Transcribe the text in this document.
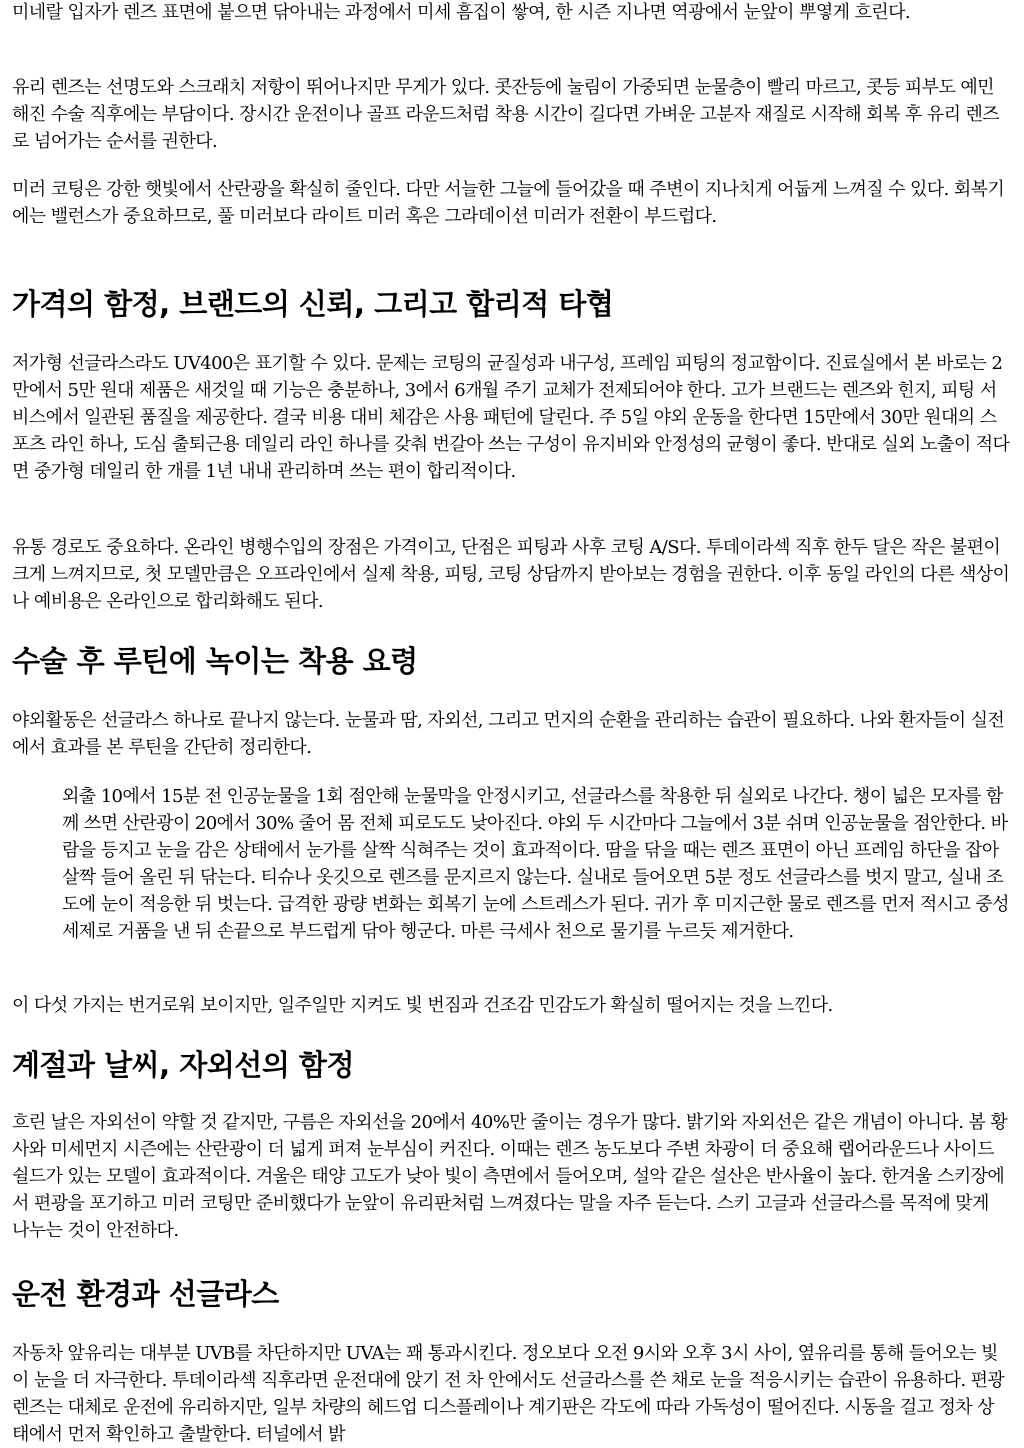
미네랄 입자가 렌즈 표면에 붙으면 닦아내는 과정에서 미세 흠집이 쌓여, 한 시즌 지나면 역광에서 눈앞이 뿌옇게 흐린다.

유리 렌즈는 선명도와 스크래치 저항이 뛰어나지만 무게가 있다. 콧잔등에 눌림이 가중되면 눈물층이 빨리 마르고, 콧등 피부도 예민해진 수술 직후에는 부담이다. 장시간 운전이나 골프 라운드처럼 착용 시간이 길다면 가벼운 고분자 재질로 시작해 회복 후 유리 렌즈로 넘어가는 순서를 권한다.

미러 코팅은 강한 햇빛에서 산란광을 확실히 줄인다. 다만 서늘한 그늘에 들어갔을 때 주변이 지나치게 어둡게 느껴질 수 있다. 회복기에는 밸런스가 중요하므로, 풀 미러보다 라이트 미러 혹은 그라데이션 미러가 전환이 부드럽다.

가격의 함정, 브랜드의 신뢰, 그리고 합리적 타협

저가형 선글라스라도 UV400은 표기할 수 있다. 문제는 코팅의 균질성과 내구성, 프레임 피팅의 정교함이다. 진료실에서 본 바로는 2만에서 5만 원대 제품은 새것일 때 기능은 충분하나, 3에서 6개월 주기 교체가 전제되어야 한다. 고가 브랜드는 렌즈와 힌지, 피팅 서비스에서 일관된 품질을 제공한다. 결국 비용 대비 체감은 사용 패턴에 달린다. 주 5일 야외 운동을 한다면 15만에서 30만 원대의 스포츠 라인 하나, 도심 출퇴근용 데일리 라인 하나를 갖춰 번갈아 쓰는 구성이 유지비와 안정성의 균형이 좋다. 반대로 실외 노출이 적다면 중가형 데일리 한 개를 1년 내내 관리하며 쓰는 편이 합리적이다.

유통 경로도 중요하다. 온라인 병행수입의 장점은 가격이고, 단점은 피팅과 사후 코팅 A/S다. 투데이라섹 직후 한두 달은 작은 불편이 크게 느껴지므로, 첫 모델만큼은 오프라인에서 실제 착용, 피팅, 코팅 상담까지 받아보는 경험을 권한다. 이후 동일 라인의 다른 색상이나 예비용은 온라인으로 합리화해도 된다.

수술 후 루틴에 녹이는 착용 요령

야외활동은 선글라스 하나로 끝나지 않는다. 눈물과 땀, 자외선, 그리고 먼지의 순환을 관리하는 습관이 필요하다. 나와 환자들이 실전에서 효과를 본 루틴을 간단히 정리한다.

외출 10에서 15분 전 인공눈물을 1회 점안해 눈물막을 안정시키고, 선글라스를 착용한 뒤 실외로 나간다. 챙이 넓은 모자를 함께 쓰면 산란광이 20에서 30% 줄어 몸 전체 피로도도 낮아진다. 야외 두 시간마다 그늘에서 3분 쉬며 인공눈물을 점안한다. 바람을 등지고 눈을 감은 상태에서 눈가를 살짝 식혀주는 것이 효과적이다. 땀을 닦을 때는 렌즈 표면이 아닌 프레임 하단을 잡아 살짝 들어 올린 뒤 닦는다. 티슈나 옷깃으로 렌즈를 문지르지 않는다. 실내로 들어오면 5분 정도 선글라스를 벗지 말고, 실내 조도에 눈이 적응한 뒤 벗는다. 급격한 광량 변화는 회복기 눈에 스트레스가 된다. 귀가 후 미지근한 물로 렌즈를 먼저 적시고 중성 세제로 거품을 낸 뒤 손끝으로 부드럽게 닦아 헹군다. 마른 극세사 천으로 물기를 누르듯 제거한다.

이 다섯 가지는 번거로워 보이지만, 일주일만 지켜도 빛 번짐과 건조감 민감도가 확실히 떨어지는 것을 느낀다.

계절과 날씨, 자외선의 함정

흐린 날은 자외선이 약할 것 같지만, 구름은 자외선을 20에서 40%만 줄이는 경우가 많다. 밝기와 자외선은 같은 개념이 아니다. 봄 황사와 미세먼지 시즌에는 산란광이 더 넓게 퍼져 눈부심이 커진다. 이때는 렌즈 농도보다 주변 차광이 더 중요해 랩어라운드나 사이드 쉴드가 있는 모델이 효과적이다. 겨울은 태양 고도가 낮아 빛이 측면에서 들어오며, 설악 같은 설산은 반사율이 높다. 한겨울 스키장에서 편광을 포기하고 미러 코팅만 준비했다가 눈앞이 유리판처럼 느껴졌다는 말을 자주 듣는다. 스키 고글과 선글라스를 목적에 맞게 나누는 것이 안전하다.

운전 환경과 선글라스

자동차 앞유리는 대부분 UVB를 차단하지만 UVA는 꽤 통과시킨다. 정오보다 오전 9시와 오후 3시 사이, 옆유리를 통해 들어오는 빛이 눈을 더 자극한다. 투데이라섹 직후라면 운전대에 앉기 전 차 안에서도 선글라스를 쓴 채로 눈을 적응시키는 습관이 유용하다. 편광 렌즈는 대체로 운전에 유리하지만, 일부 차량의 헤드업 디스플레이나 계기판은 각도에 따라 가독성이 떨어진다. 시동을 걸고 정차 상태에서 먼저 확인하고 출발한다. 터널에서 밝
